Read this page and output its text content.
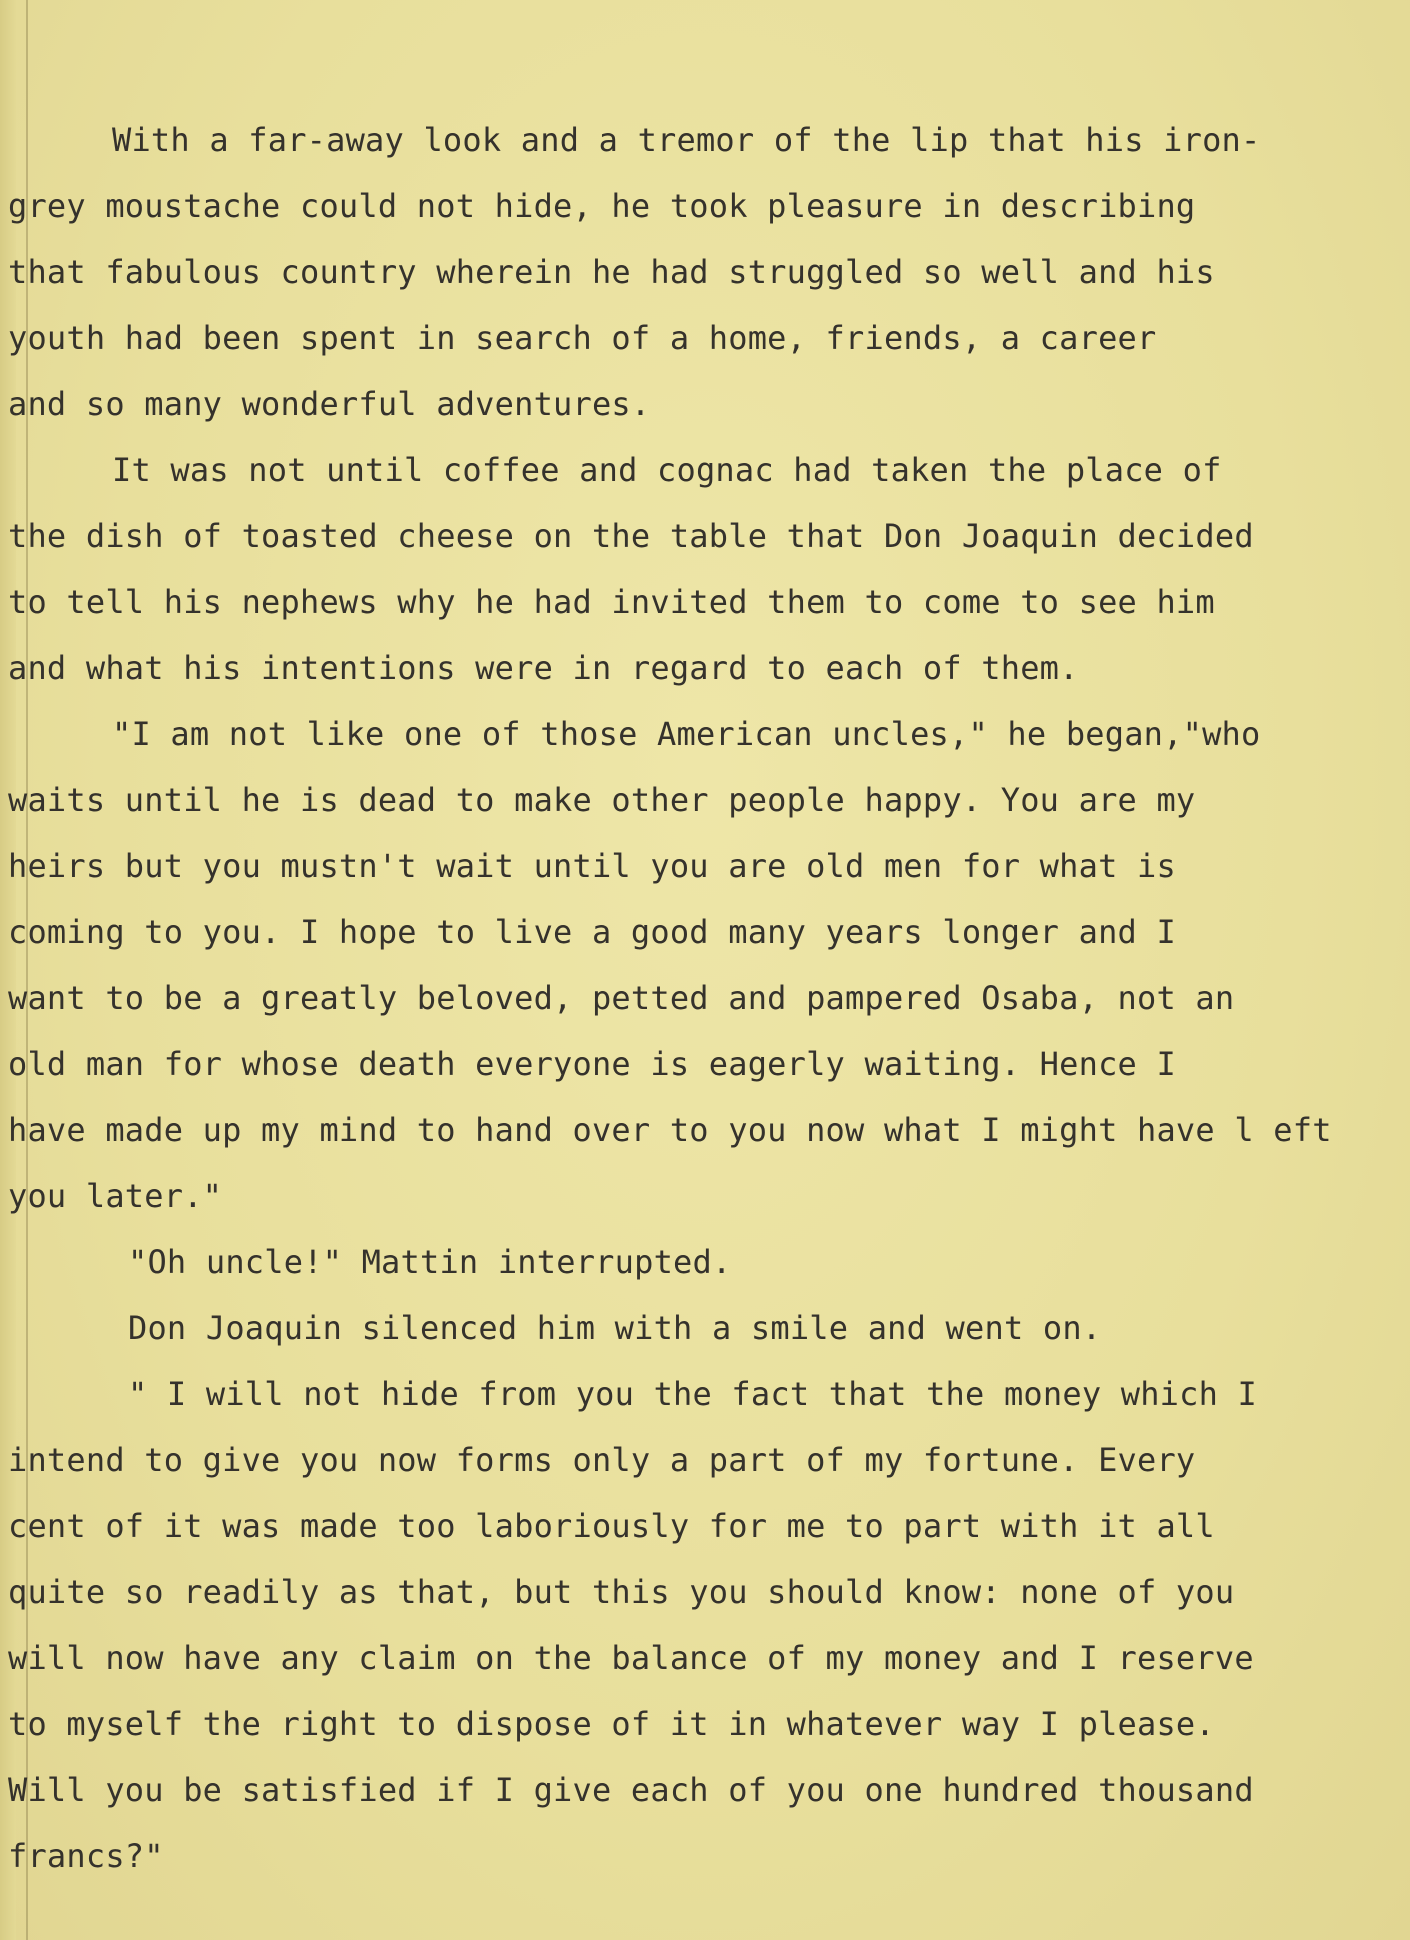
With a far-away look and a tremor of the lip that his iron-
grey moustache could not hide, he took pleasure in describing
that fabulous country wherein he had struggled so well and his
youth had been spent in search of a home, friends, a career
and so many wonderful adventures.
It was not until coffee and cognac had taken the place of
the dish of toasted cheese on the table that Don Joaquin decided
to tell his nephews why he had invited them to come to see him
and what his intentions were in regard to each of them.
"I am not like one of those American uncles," he began,"who
waits until he is dead to make other people happy. You are my
heirs but you mustn't wait until you are old men for what is
coming to you. I hope to live a good many years longer and I
want to be a greatly beloved, petted and pampered Osaba, not an
old man for whose death everyone is eagerly waiting. Hence I
have made up my mind to hand over to you now what I might have l eft
you later."
"Oh uncle!" Mattin interrupted.
Don Joaquin silenced him with a smile and went on.
" I will not hide from you the fact that the money which I
intend to give you now forms only a part of my fortune. Every
cent of it was made too laboriously for me to part with it all
quite so readily as that, but this you should know: none of you
will now have any claim on the balance of my money and I reserve
to myself the right to dispose of it in whatever way I please.
Will you be satisfied if I give each of you one hundred thousand
francs?"
